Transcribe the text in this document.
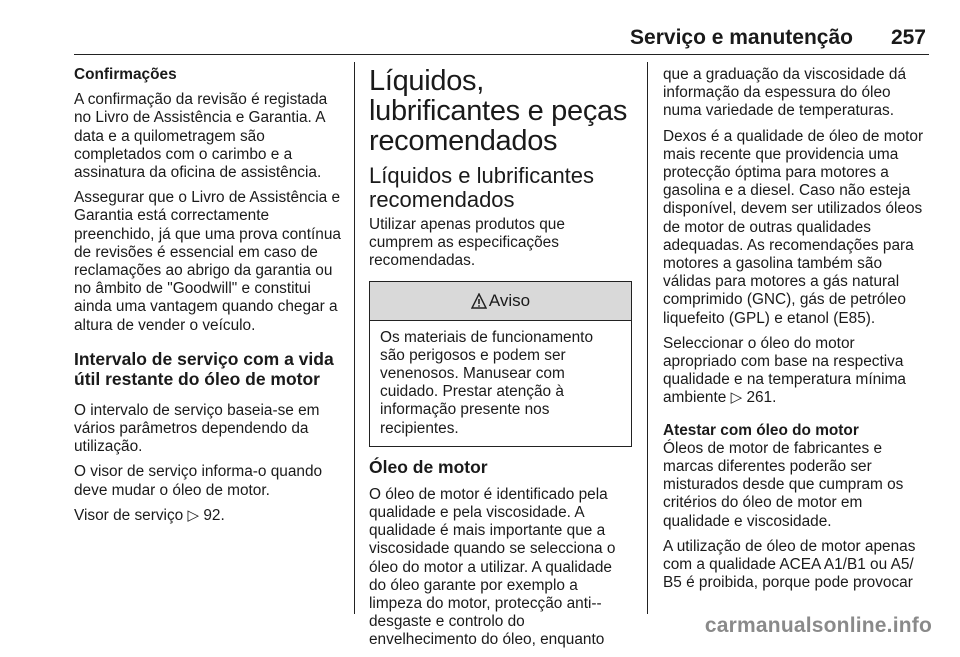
Serviço e manutenção 257
Confirmações

A confirmação da revisão é registada no Livro de Assistência e Garantia. A data e a quilometragem são completados com o carimbo e a assinatura da oficina de assistência.

Assegurar que o Livro de Assistência e Garantia está correctamente preenchido, já que uma prova contínua de revisões é essencial em caso de reclamações ao abrigo da garantia ou no âmbito de "Goodwill" e constitui ainda uma vantagem quando chegar a altura de vender o veículo.

Intervalo de serviço com a vida útil restante do óleo de motor

O intervalo de serviço baseia-se em vários parâmetros dependendo da utilização.

O visor de serviço informa-o quando deve mudar o óleo de motor.

Visor de serviço ▷ 92.

Líquidos, lubrificantes e peças recomendados
Líquidos e lubrificantes recomendados

Utilizar apenas produtos que cumprem as especificações recomendadas.

Aviso

Os materiais de funcionamento são perigosos e podem ser venenosos. Manusear com cuidado. Prestar atenção à informação presente nos recipientes.

Óleo de motor

O óleo de motor é identificado pela qualidade e pela viscosidade. A qualidade é mais importante que a viscosidade quando se selecciona o óleo do motor a utilizar. A qualidade do óleo garante por exemplo a limpeza do motor, protecção anti--desgaste e controlo do envelhecimento do óleo, enquanto

que a graduação da viscosidade dá informação da espessura do óleo numa variedade de temperaturas.

Dexos é a qualidade de óleo de motor mais recente que providencia uma protecção óptima para motores a gasolina e a diesel. Caso não esteja disponível, devem ser utilizados óleos de motor de outras qualidades adequadas. As recomendações para motores a gasolina também são válidas para motores a gás natural comprimido (GNC), gás de petróleo liquefeito (GPL) e etanol (E85).

Seleccionar o óleo do motor apropriado com base na respectiva qualidade e na temperatura mínima ambiente ▷ 261.

Atestar com óleo do motor

Óleos de motor de fabricantes e marcas diferentes poderão ser misturados desde que cumpram os critérios do óleo de motor em qualidade e viscosidade.

A utilização de óleo de motor apenas com a qualidade ACEA A1/B1 ou A5/ B5 é proibida, porque pode provocar

carmanualsonline.info
